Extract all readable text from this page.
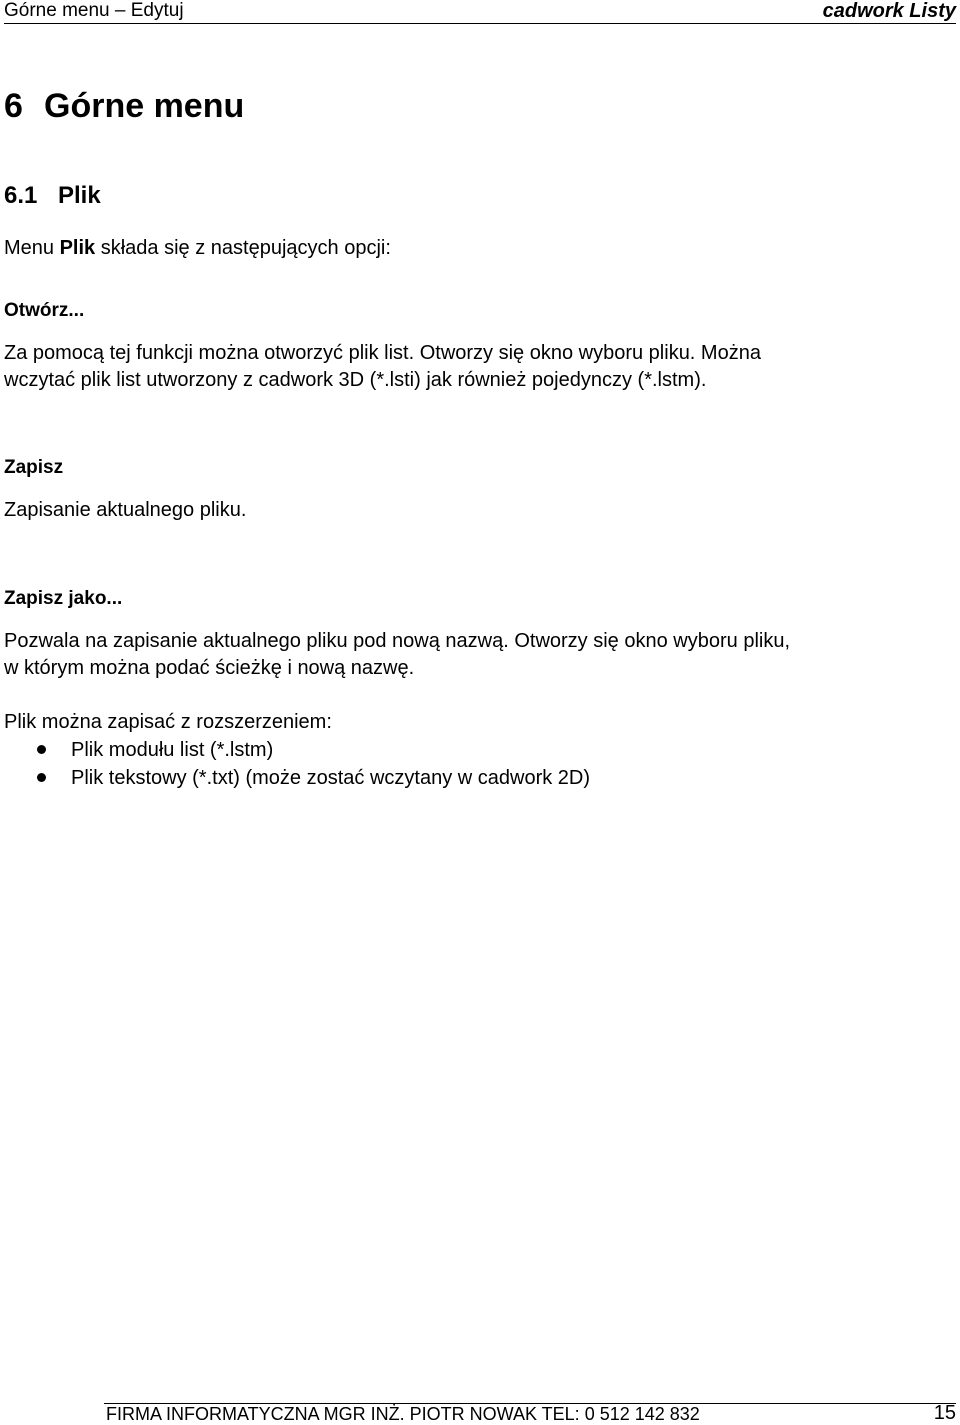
Górne menu – Edytuj	cadwork Listy
6 Górne menu
6.1 Plik
Menu Plik składa się z następujących opcji:
Otwórz...
Za pomocą tej funkcji można otworzyć plik list. Otworzy się okno wyboru pliku. Można
wczytać plik list utworzony z cadwork 3D (*.lsti) jak również pojedynczy (*.lstm).
Zapisz
Zapisanie aktualnego pliku.
Zapisz jako...
Pozwala na zapisanie aktualnego pliku pod nową nazwą. Otworzy się okno wyboru pliku,
w którym można podać ścieżkę i nową nazwę.
Plik można zapisać z rozszerzeniem:
Plik modułu list (*.lstm)
Plik tekstowy (*.txt) (może zostać wczytany w cadwork 2D)
FIRMA INFORMATYCZNA MGR INŻ. PIOTR NOWAK TEL: 0 512 142 832	15
